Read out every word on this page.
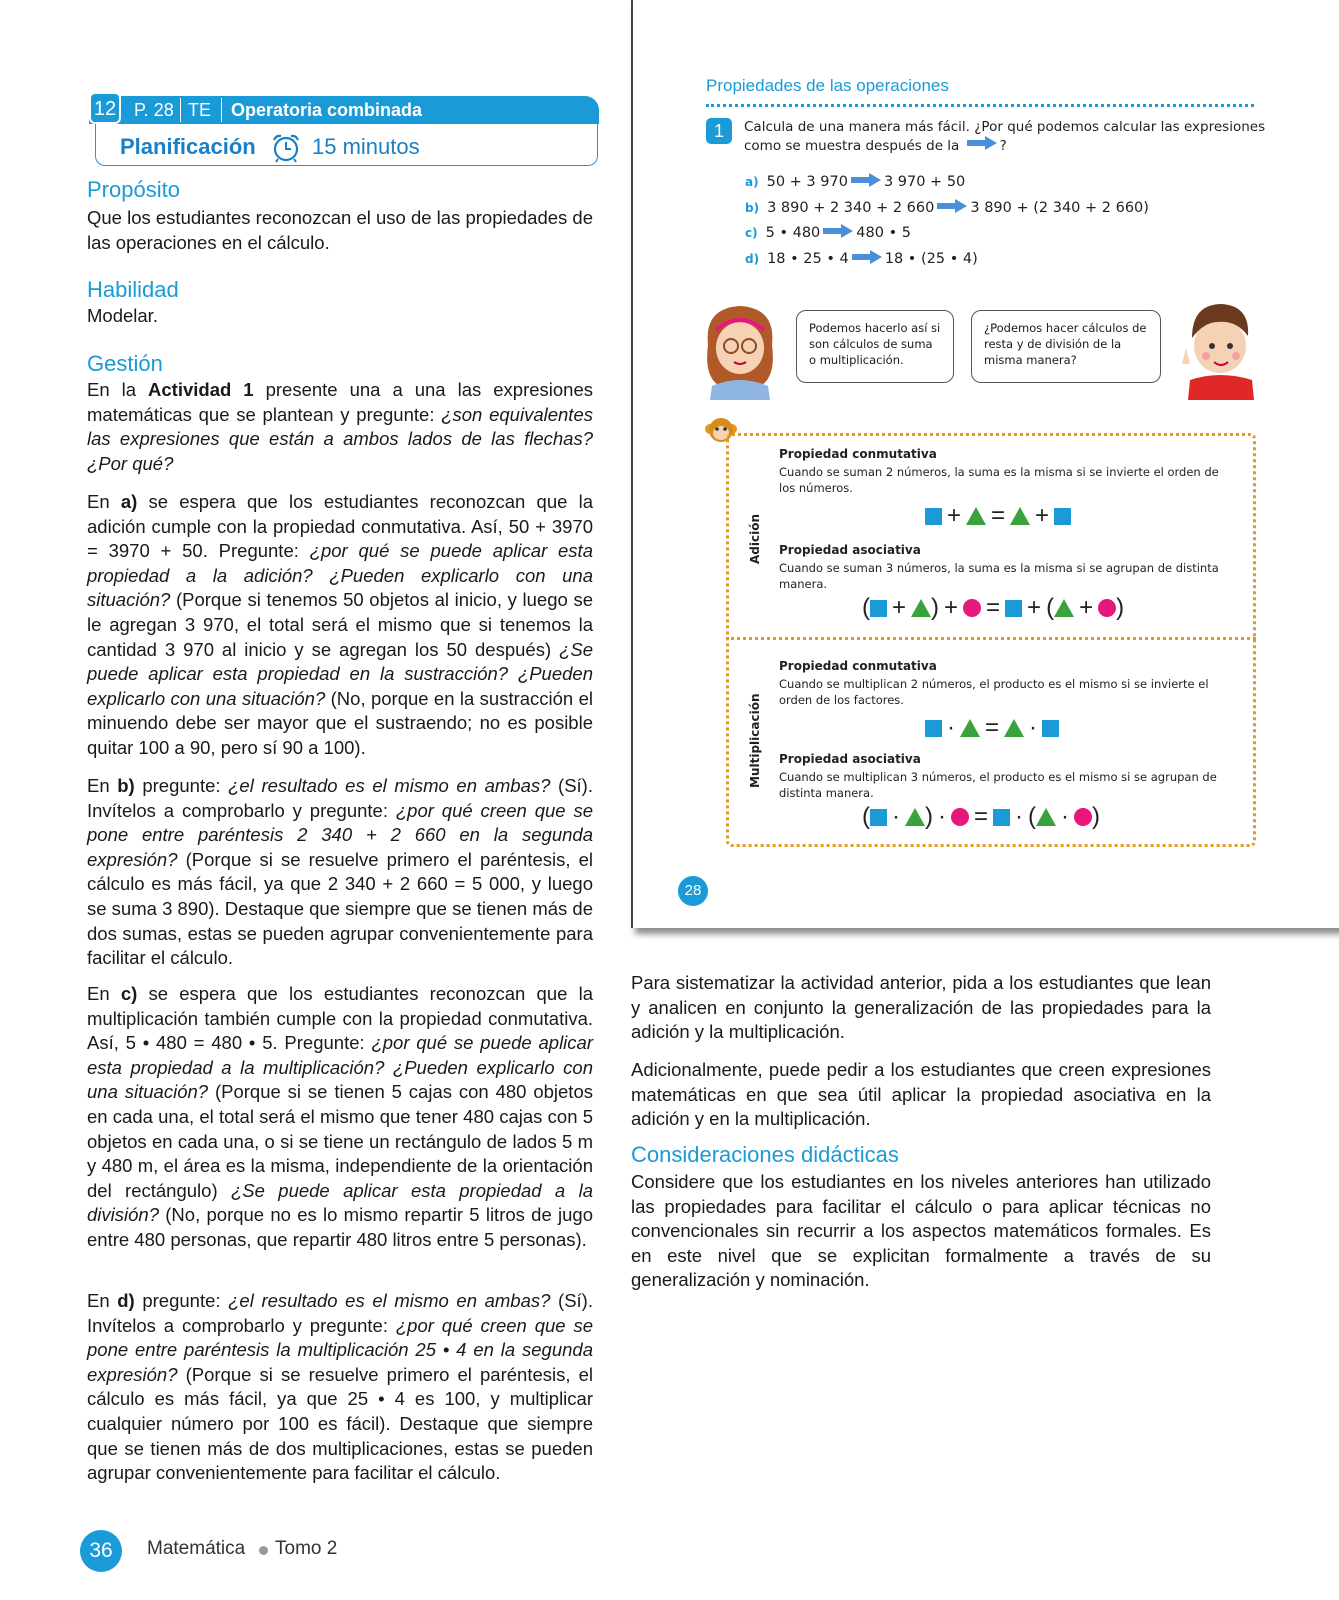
12 P. 28 TE Operatoria combinada
Planificación	15 minutos
Propósito

Que los estudiantes reconozcan el uso de las propiedades de las operaciones en el cálculo.

Habilidad

Modelar.

Gestión

En la Actividad 1 presente una a una las expresiones matemáticas que se plantean y pregunte: ¿son equivalentes las expresiones que están a ambos lados de las flechas? ¿Por qué?

En a) se espera que los estudiantes reconozcan que la adición cumple con la propiedad conmutativa. Así, 50 + 3970 = 3970 + 50. Pregunte: ¿por qué se puede aplicar esta propiedad a la adición? ¿Pueden explicarlo con una situación? (Porque si tenemos 50 objetos al inicio, y luego se le agregan 3 970, el total será el mismo que si tenemos la cantidad 3 970 al inicio y se agregan los 50 después) ¿Se puede aplicar esta propiedad en la sustracción? ¿Pueden explicarlo con una situación? (No, porque en la sustracción el minuendo debe ser mayor que el sustraendo; no es posible quitar 100 a 90, pero sí 90 a 100).

En b) pregunte: ¿el resultado es el mismo en ambas? (Sí). Invítelos a comprobarlo y pregunte: ¿por qué creen que se pone entre paréntesis 2 340 + 2 660 en la segunda expresión? (Porque si se resuelve primero el paréntesis, el cálculo es más fácil, ya que 2 340 + 2 660 = 5 000, y luego se suma 3 890). Destaque que siempre que se tienen más de dos sumas, estas se pueden agrupar convenientemente para facilitar el cálculo.

En c) se espera que los estudiantes reconozcan que la multiplicación también cumple con la propiedad conmutativa. Así, 5 • 480 = 480 • 5. Pregunte: ¿por qué se puede aplicar esta propiedad a la multiplicación? ¿Pueden explicarlo con una situación? (Porque si se tienen 5 cajas con 480 objetos en cada una, el total será el mismo que tener 480 cajas con 5 objetos en cada una, o si se tiene un rectángulo de lados 5 m y 480 m, el área es la misma, independiente de la orientación del rectángulo) ¿Se puede aplicar esta propiedad a la división? (No, porque no es lo mismo repartir 5 litros de jugo entre 480 personas, que repartir 480 litros entre 5 personas).

En d) pregunte: ¿el resultado es el mismo en ambas? (Sí). Invítelos a comprobarlo y pregunte: ¿por qué creen que se pone entre paréntesis la multiplicación 25 • 4 en la segunda expresión? (Porque si se resuelve primero el paréntesis, el cálculo es más fácil, ya que 25 • 4 es 100, y multiplicar cualquier número por 100 es fácil). Destaque que siempre que se tienen más de dos multiplicaciones, estas se pueden agrupar convenientemente para facilitar el cálculo.

Propiedades de las operaciones
1	Calcula de una manera más fácil. ¿Por qué podemos calcular las expresiones
como se muestra después de la	?
a) 50 + 3 970 3 970 + 50
b) 3 890 + 2 340 + 2 660 3 890 + (2 340 + 2 660)
c) 5 • 480 480 • 5
d) 18 • 25 • 4 18 • (25 • 4)
Podemos hacerlo así si son cálculos de suma o multiplicación.
¿Podemos hacer cálculos de resta y de división de la misma manera?
Adición
Multiplicación
Propiedad conmutativa
Cuando se suman 2 números, la suma es la misma si se invierte el orden de los números.
+ = +
Propiedad asociativa
Cuando se suman 3 números, la suma es la misma si se agrupan de distinta manera.
( + ) + = + ( + )
Propiedad conmutativa
Cuando se multiplican 2 números, el producto es el mismo si se invierte el orden de los factores.
· = ·
Propiedad asociativa
Cuando se multiplican 3 números, el producto es el mismo si se agrupan de distinta manera.
( · ) · = · ( · )
28

Para sistematizar la actividad anterior, pida a los estudiantes que lean y analicen en conjunto la generalización de las propiedades para la adición y la multiplicación.

Adicionalmente, puede pedir a los estudiantes que creen expresiones matemáticas en que sea útil aplicar la propiedad asociativa en la adición y en la multiplicación.

Consideraciones didácticas

Considere que los estudiantes en los niveles anteriores han utilizado las propiedades para facilitar el cálculo o para aplicar técnicas no convencionales sin recurrir a los aspectos matemáticos formales. Es en este nivel que se explicitan formalmente a través de su generalización y nominación.

36	Matemática Tomo 2
